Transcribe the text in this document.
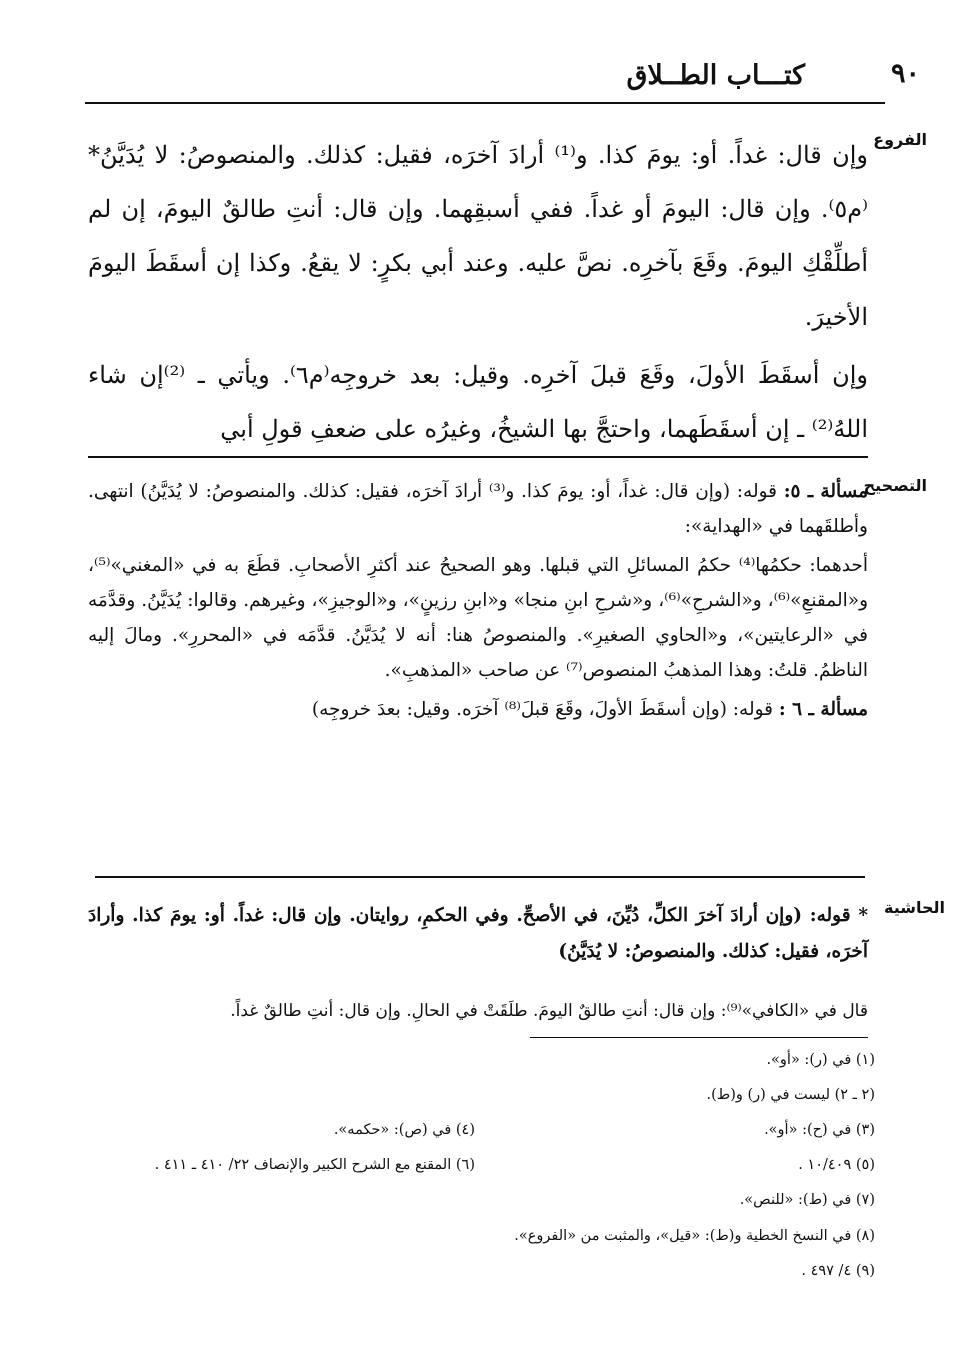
كتـــاب الطــلاق	٩٠
الفروع

وإن قال: غداً. أو: يومَ كذا. و⁽¹⁾ أرادَ آخرَه، فقيل: كذلك. والمنصوصُ: لا يُدَيَّنُ* ⁽م٥⁾. وإن قال: اليومَ أو غداً. ففي أسبقِهما. وإن قال: أنتِ طالقٌ اليومَ، إن لم أطلِّقْكِ اليومَ. وقَعَ بآخرِه. نصَّ عليه. وعند أبي بكرٍ: لا يقعُ. وكذا إن أسقَطَ اليومَ الأخيرَ.

وإن أسقَطَ الأولَ، وقَعَ قبلَ آخرِه. وقيل: بعد خروجِه⁽م٦⁾. ويأتي ـ ⁽²⁾إن شاء اللهُ⁽²⁾ ـ إن أسقَطَهما، واحتجَّ بها الشيخُ، وغيرُه على ضعفِ قولِ أبي

التصحيح

مسألة ـ ٥: قوله: (وإن قال: غداً، أو: يومَ كذا. و⁽³⁾ أرادَ آخرَه، فقيل: كذلك. والمنصوصُ: لا يُدَيَّنُ) انتهى. وأطلقَهما في «الهداية»:

أحدهما: حكمُها⁽⁴⁾ حكمُ المسائلِ التي قبلها. وهو الصحيحُ عند أكثرِ الأصحابِ. قطَعَ به في «المغني»⁽⁵⁾، و«المقنعِ»⁽⁶⁾، و«الشرحِ»⁽⁶⁾، و«شرحِ ابنِ منجا» و«ابنِ رزينٍ»، و«الوجيزِ»، وغيرهم. وقالوا: يُدَيَّنُ. وقدَّمَه في «الرعايتين»، و«الحاوي الصغيرِ». والمنصوصُ هنا: أنه لا يُدَيَّنُ. قدَّمَه في «المحررِ». ومالَ إليه الناظمُ. قلتُ: وهذا المذهبُ المنصوص⁽⁷⁾ عن صاحب «المذهبِ».

مسألة ـ ٦ : قوله: (وإن أسقَطَ الأولَ، وقَعَ قبلَ⁽⁸⁾ آخرَه. وقيل: بعدَ خروجِه)

الحاشية

* قوله: (وإن أرادَ آخرَ الكلِّ، دُيِّنَ، في الأصحِّ. وفي الحكمِ، روايتان. وإن قال: غداً. أو: يومَ كذا. وأرادَ آخرَه، فقيل: كذلك. والمنصوصُ: لا يُدَيَّنُ)

قال في «الكافي»⁽⁹⁾: وإن قال: أنتِ طالقٌ اليومَ. طلَقَتْ في الحالِ. وإن قال: أنتِ طالقٌ غداً.

(١) في (ر): «أو».
(٢ ـ ٢) ليست في (ر) و(ط).
(٣) في (ح): «أو».
(٤) في (ص): «حكمه».
(٥) ١٠/٤٠٩ .
(٦) المقنع مع الشرح الكبير والإنصاف ٢٢/ ٤١٠ ـ ٤١١ .
(٧) في (ط): «للنص».
(٨) في النسخ الخطية و(ط): «قيل»، والمثبت من «الفروع».
(٩) ٤/ ٤٩٧ .
